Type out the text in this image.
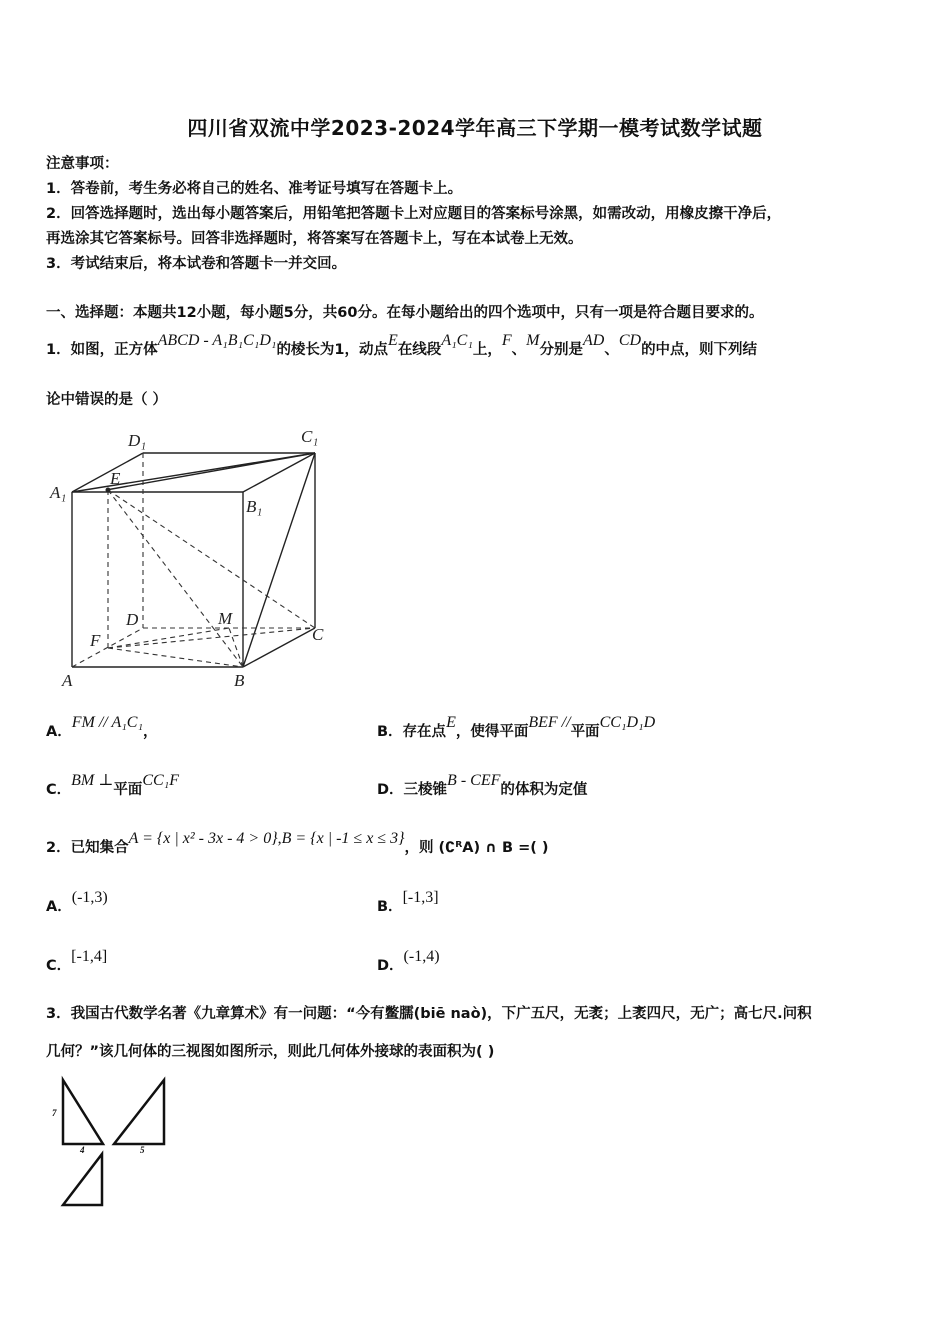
四川省双流中学2023-2024学年高三下学期一模考试数学试题
注意事项：
1．答卷前，考生务必将自己的姓名、准考证号填写在答题卡上。
2．回答选择题时，选出每小题答案后，用铅笔把答题卡上对应题目的答案标号涂黑，如需改动，用橡皮擦干净后，
再选涂其它答案标号。回答非选择题时，将答案写在答题卡上，写在本试卷上无效。
3．考试结束后，将本试卷和答题卡一并交回。
一、选择题：本题共12小题，每小题5分，共60分。在每小题给出的四个选项中，只有一项是符合题目要求的。
1．如图，正方体ABCD - A₁B₁C₁D₁的棱长为1，动点E在线段A₁C₁上，F、M分别是AD、CD的中点，则下列结
论中错误的是（ ）
D₁	C₁
A₁
E
B₁
D	M
F	C
A	B
A．FM // A₁C₁，	B．存在点E，使得平面BEF //平面CC₁D₁D
C．BM ⊥平面CC₁F
D．三棱锥B - CEF的体积为定值
2．已知集合A = {x | x² - 3x - 4 > 0},B = {x | -1 ≤ x ≤ 3}，则 (∁ᴿA) ∩ B =( )
A．(-1,3)
B．[-1,3]
C．[-1,4]
D．(-1,4)
3．我国古代数学名著《九章算术》有一问题：“今有鳖臑(biē naò)，下广五尺，无袤；上袤四尺，无广；高七尺.问积
几何？”该几何体的三视图如图所示，则此几何体外接球的表面积为( )
7
4	5
